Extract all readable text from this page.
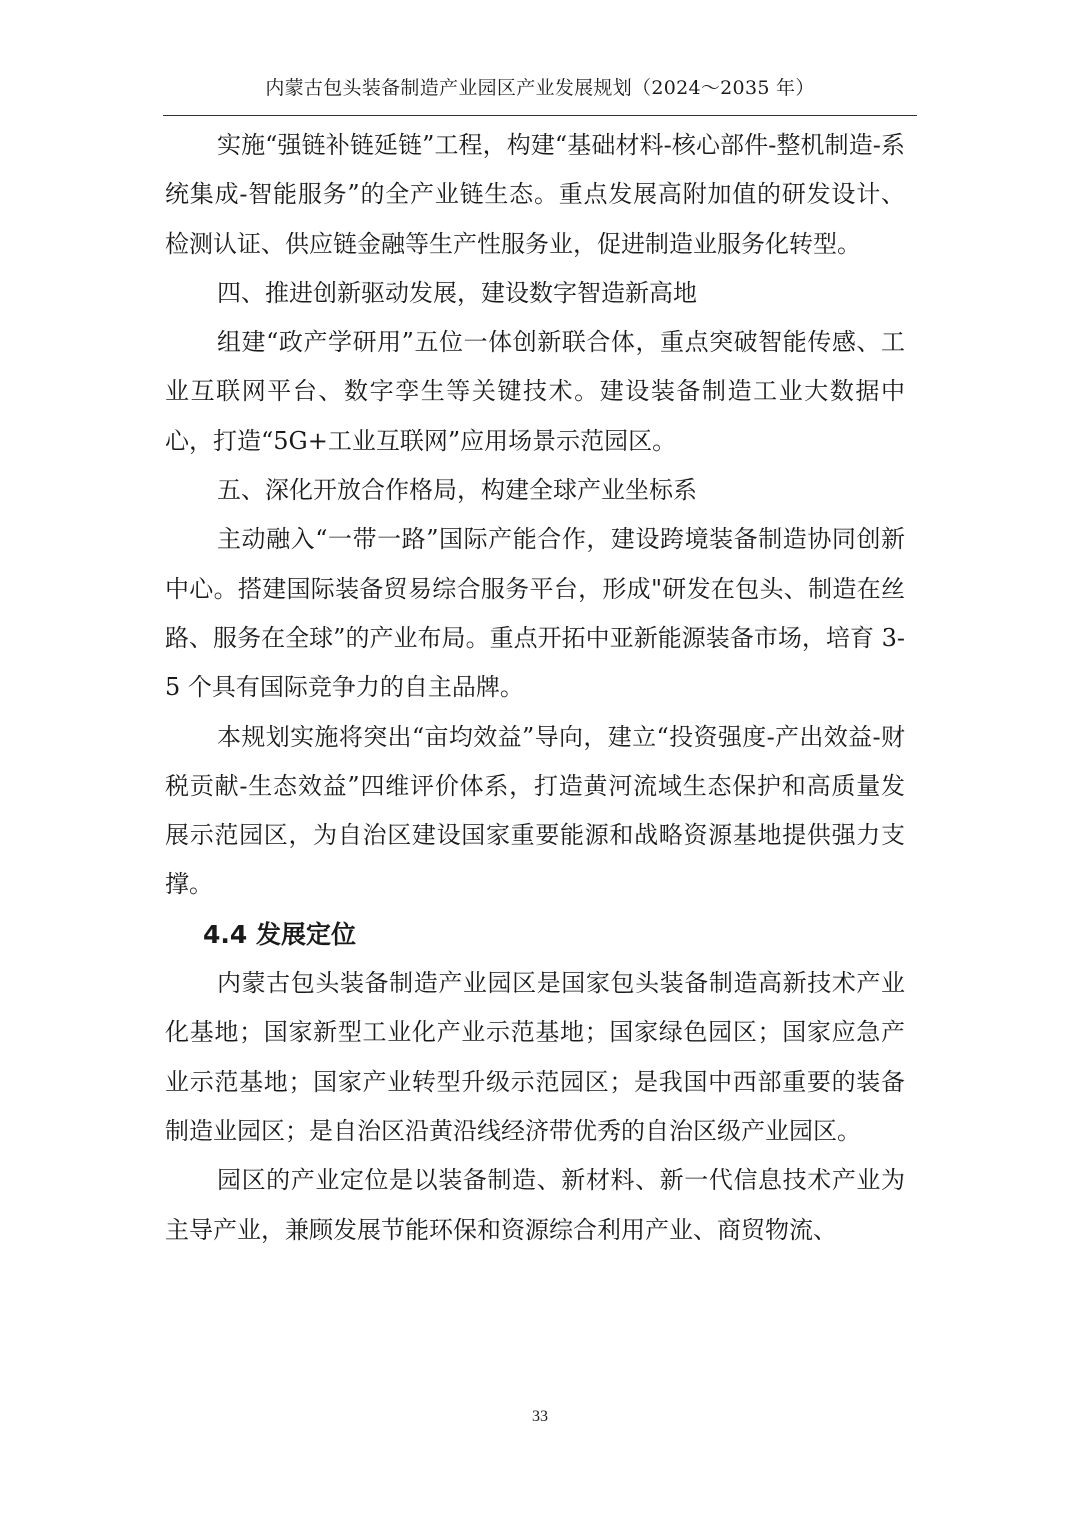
内蒙古包头装备制造产业园区产业发展规划（2024～2035 年）

实施“强链补链延链”工程，构建“基础材料-核心部件-整机制造-系统集成-智能服务”的全产业链生态。重点发展高附加值的研发设计、检测认证、供应链金融等生产性服务业，促进制造业服务化转型。

四、推进创新驱动发展，建设数字智造新高地

组建“政产学研用”五位一体创新联合体，重点突破智能传感、工业互联网平台、数字孪生等关键技术。建设装备制造工业大数据中心，打造“5G+工业互联网”应用场景示范园区。

五、深化开放合作格局，构建全球产业坐标系

主动融入“一带一路”国际产能合作，建设跨境装备制造协同创新中心。搭建国际装备贸易综合服务平台，形成"研发在包头、制造在丝路、服务在全球”的产业布局。重点开拓中亚新能源装备市场，培育 3-5 个具有国际竞争力的自主品牌。

本规划实施将突出“亩均效益”导向，建立“投资强度-产出效益-财税贡献-生态效益”四维评价体系，打造黄河流域生态保护和高质量发展示范园区，为自治区建设国家重要能源和战略资源基地提供强力支撑。

4.4 发展定位

内蒙古包头装备制造产业园区是国家包头装备制造高新技术产业化基地；国家新型工业化产业示范基地；国家绿色园区；国家应急产业示范基地；国家产业转型升级示范园区；是我国中西部重要的装备制造业园区；是自治区沿黄沿线经济带优秀的自治区级产业园区。

园区的产业定位是以装备制造、新材料、新一代信息技术产业为主导产业，兼顾发展节能环保和资源综合利用产业、商贸物流、

33
